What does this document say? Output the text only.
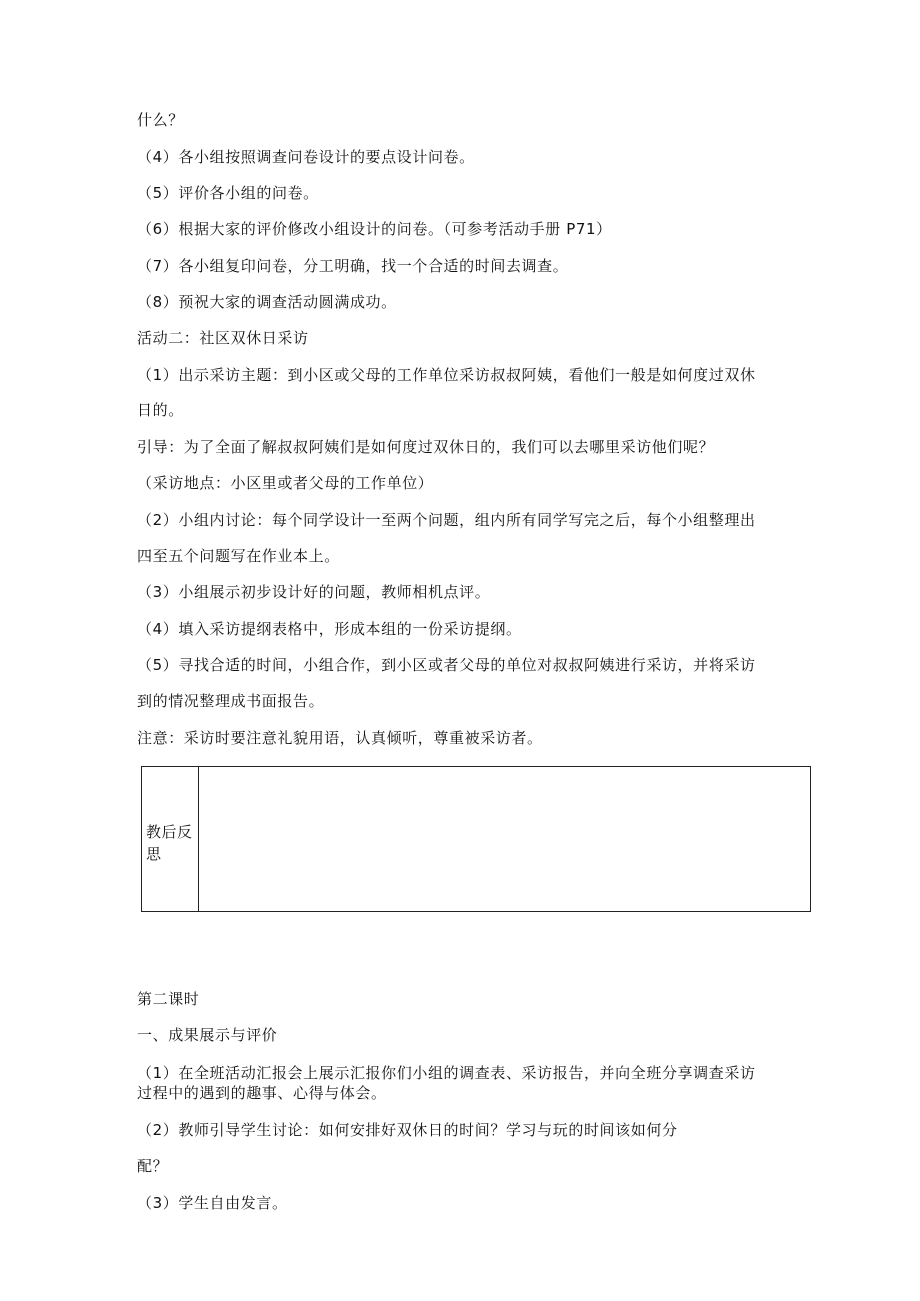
什么？
（4）各小组按照调查问卷设计的要点设计问卷。
（5）评价各小组的问卷。
（6）根据大家的评价修改小组设计的问卷。（可参考活动手册 P71）
（7）各小组复印问卷，分工明确，找一个合适的时间去调查。
（8）预祝大家的调查活动圆满成功。
活动二：社区双休日采访
（1）出示采访主题：到小区或父母的工作单位采访叔叔阿姨，看他们一般是如何度过双休
日的。
引导：为了全面了解叔叔阿姨们是如何度过双休日的，我们可以去哪里采访他们呢？
（采访地点：小区里或者父母的工作单位）
（2）小组内讨论：每个同学设计一至两个问题，组内所有同学写完之后，每个小组整理出
四至五个问题写在作业本上。
（3）小组展示初步设计好的问题，教师相机点评。
（4）填入采访提纲表格中，形成本组的一份采访提纲。
（5）寻找合适的时间，小组合作，到小区或者父母的单位对叔叔阿姨进行采访，并将采访
到的情况整理成书面报告。
注意：采访时要注意礼貌用语，认真倾听，尊重被采访者。
教后反思
第二课时
一、成果展示与评价
（1）在全班活动汇报会上展示汇报你们小组的调查表、采访报告，并向全班分享调查采访
过程中的遇到的趣事、心得与体会。
（2）教师引导学生讨论：如何安排好双休日的时间？学习与玩的时间该如何分
配？
（3）学生自由发言。
